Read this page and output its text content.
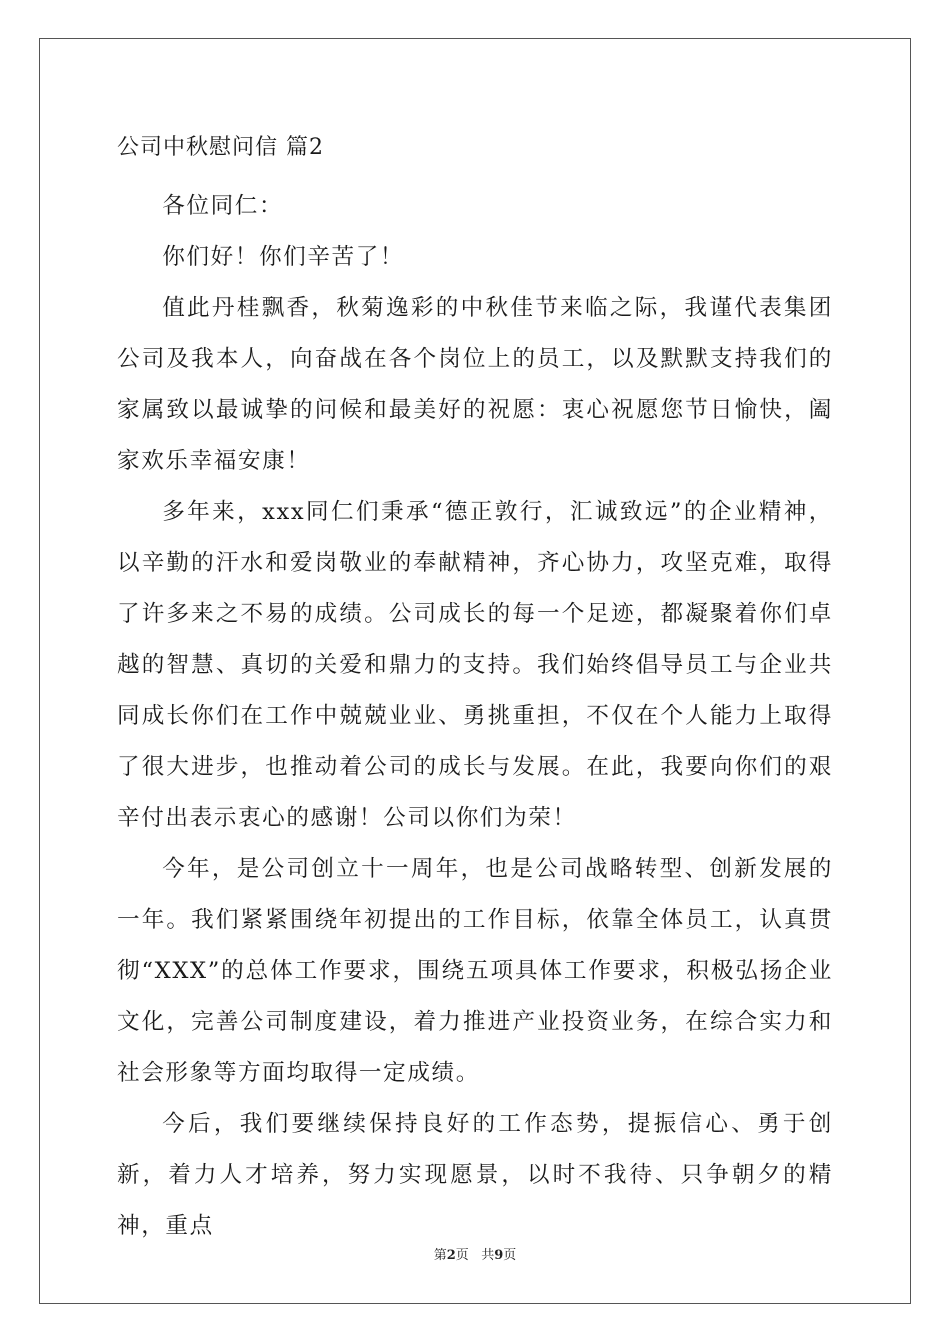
公司中秋慰问信 篇2

各位同仁：

你们好！你们辛苦了！

值此丹桂飘香，秋菊逸彩的中秋佳节来临之际，我谨代表集团公司及我本人，向奋战在各个岗位上的员工，以及默默支持我们的家属致以最诚挚的问候和最美好的祝愿：衷心祝愿您节日愉快，阖家欢乐幸福安康！

多年来，xxx同仁们秉承“德正敦行，汇诚致远”的企业精神，以辛勤的汗水和爱岗敬业的奉献精神，齐心协力，攻坚克难，取得了许多来之不易的成绩。公司成长的每一个足迹，都凝聚着你们卓越的智慧、真切的关爱和鼎力的支持。我们始终倡导员工与企业共同成长你们在工作中兢兢业业、勇挑重担，不仅在个人能力上取得了很大进步，也推动着公司的成长与发展。在此，我要向你们的艰辛付出表示衷心的感谢！公司以你们为荣！

今年，是公司创立十一周年，也是公司战略转型、创新发展的一年。我们紧紧围绕年初提出的工作目标，依靠全体员工，认真贯彻“XXX”的总体工作要求，围绕五项具体工作要求，积极弘扬企业文化，完善公司制度建设，着力推进产业投资业务，在综合实力和社会形象等方面均取得一定成绩。

今后，我们要继续保持良好的工作态势，提振信心、勇于创新，着力人才培养，努力实现愿景，以时不我待、只争朝夕的精神，重点

第2页 共9页
